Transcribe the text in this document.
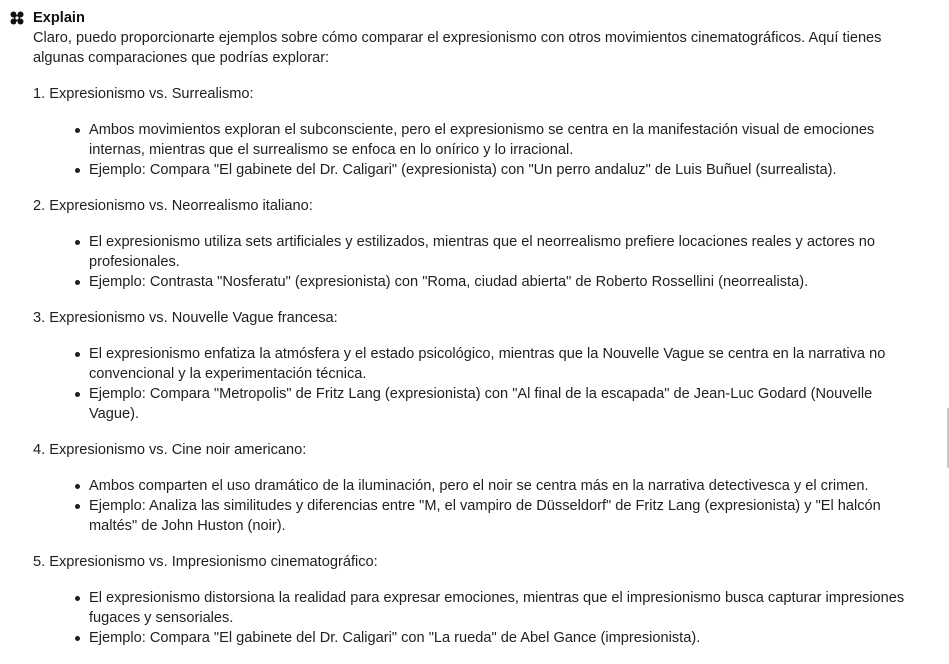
Explain

Claro, puedo proporcionarte ejemplos sobre cómo comparar el expresionismo con otros movimientos cinematográficos. Aquí tienes algunas comparaciones que podrías explorar:

1. Expresionismo vs. Surrealismo:

Ambos movimientos exploran el subconsciente, pero el expresionismo se centra en la manifestación visual de emociones internas, mientras que el surrealismo se enfoca en lo onírico y lo irracional.
Ejemplo: Compara "El gabinete del Dr. Caligari" (expresionista) con "Un perro andaluz" de Luis Buñuel (surrealista).

2. Expresionismo vs. Neorrealismo italiano:

El expresionismo utiliza sets artificiales y estilizados, mientras que el neorrealismo prefiere locaciones reales y actores no profesionales.
Ejemplo: Contrasta "Nosferatu" (expresionista) con "Roma, ciudad abierta" de Roberto Rossellini (neorrealista).

3. Expresionismo vs. Nouvelle Vague francesa:

El expresionismo enfatiza la atmósfera y el estado psicológico, mientras que la Nouvelle Vague se centra en la narrativa no convencional y la experimentación técnica.
Ejemplo: Compara "Metropolis" de Fritz Lang (expresionista) con "Al final de la escapada" de Jean-Luc Godard (Nouvelle Vague).

4. Expresionismo vs. Cine noir americano:

Ambos comparten el uso dramático de la iluminación, pero el noir se centra más en la narrativa detectivesca y el crimen.
Ejemplo: Analiza las similitudes y diferencias entre "M, el vampiro de Düsseldorf" de Fritz Lang (expresionista) y "El halcón maltés" de John Huston (noir).

5. Expresionismo vs. Impresionismo cinematográfico:

El expresionismo distorsiona la realidad para expresar emociones, mientras que el impresionismo busca capturar impresiones fugaces y sensoriales.
Ejemplo: Compara "El gabinete del Dr. Caligari" con "La rueda" de Abel Gance (impresionista).
